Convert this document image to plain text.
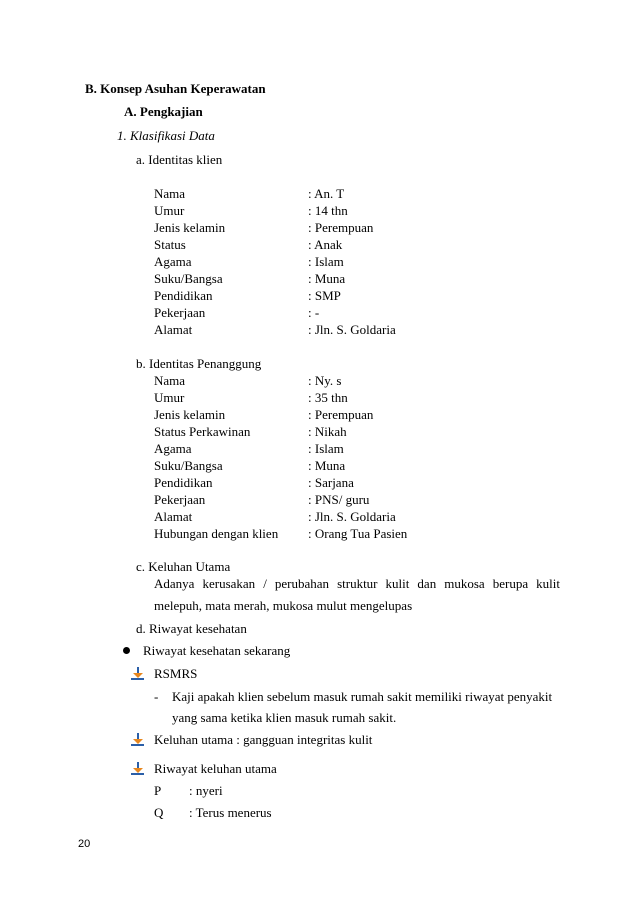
B. Konsep Asuhan Keperawatan
A. Pengkajian
1. Klasifikasi Data
a. Identitas klien
Nama	: An. T
Umur	: 14 thn
Jenis kelamin	: Perempuan
Status	: Anak
Agama	: Islam
Suku/Bangsa	: Muna
Pendidikan	: SMP
Pekerjaan	: -
Alamat	: Jln. S. Goldaria
b. Identitas Penanggung
Nama	: Ny. s
Umur	: 35 thn
Jenis kelamin	: Perempuan
Status Perkawinan	: Nikah
Agama	: Islam
Suku/Bangsa	: Muna
Pendidikan	: Sarjana
Pekerjaan	: PNS/ guru
Alamat	: Jln. S. Goldaria
Hubungan dengan klien : Orang Tua Pasien
c. Keluhan Utama
Adanya kerusakan / perubahan struktur kulit dan mukosa berupa kulit
melepuh, mata merah, mukosa mulut mengelupas
d. Riwayat kesehatan
Riwayat kesehatan sekarang
RSMRS
- Kaji apakah klien sebelum masuk rumah sakit memiliki riwayat penyakit
yang sama ketika klien masuk rumah sakit.
Keluhan utama : gangguan integritas kulit
Riwayat keluhan utama
P : nyeri
Q : Terus menerus
20
